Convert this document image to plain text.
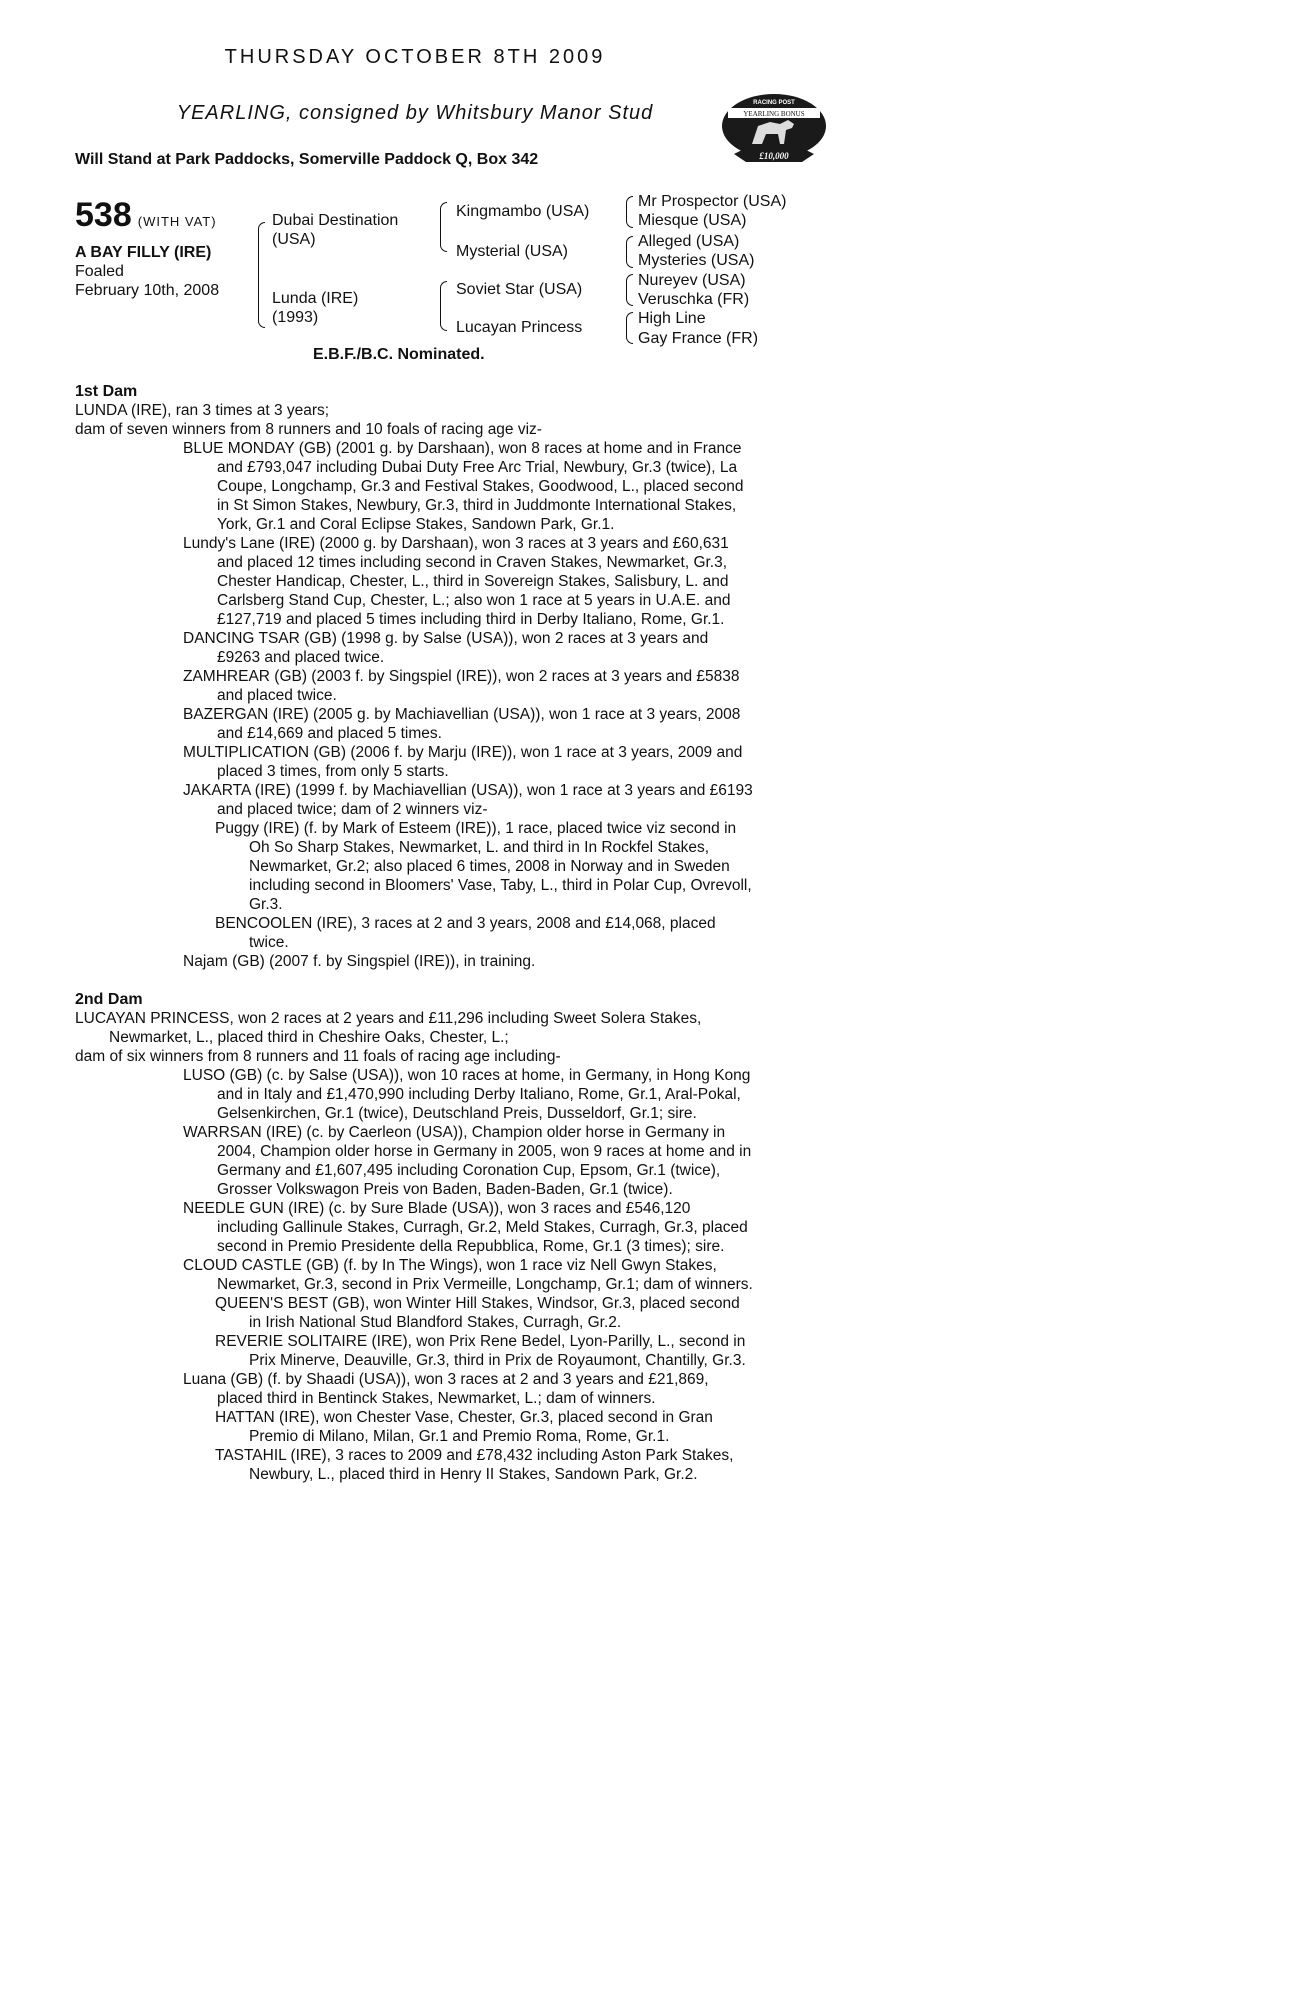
THURSDAY OCTOBER 8TH 2009
YEARLING, consigned by Whitsbury Manor Stud
Will Stand at Park Paddocks, Somerville Paddock Q, Box 342
RACING POST
YEARLING BONUS
£10,000
538 (WITH VAT)
A BAY FILLY (IRE)
Foaled
February 10th, 2008
Dubai Destination (USA)
Lunda (IRE) (1993)
Kingmambo (USA)
Mysterial (USA)
Soviet Star (USA)
Lucayan Princess
Mr Prospector (USA)
Miesque (USA)
Alleged (USA)
Mysteries (USA)
Nureyev (USA)
Veruschka (FR)
High Line
Gay France (FR)
E.B.F./B.C. Nominated.
1st Dam

LUNDA (IRE), ran 3 times at 3 years;

dam of seven winners from 8 runners and 10 foals of racing age viz-

BLUE MONDAY (GB) (2001 g. by Darshaan), won 8 races at home and in France and £793,047 including Dubai Duty Free Arc Trial, Newbury, Gr.3 (twice), La Coupe, Longchamp, Gr.3 and Festival Stakes, Goodwood, L., placed second in St Simon Stakes, Newbury, Gr.3, third in Juddmonte International Stakes, York, Gr.1 and Coral Eclipse Stakes, Sandown Park, Gr.1.

Lundy's Lane (IRE) (2000 g. by Darshaan), won 3 races at 3 years and £60,631 and placed 12 times including second in Craven Stakes, Newmarket, Gr.3, Chester Handicap, Chester, L., third in Sovereign Stakes, Salisbury, L. and Carlsberg Stand Cup, Chester, L.; also won 1 race at 5 years in U.A.E. and £127,719 and placed 5 times including third in Derby Italiano, Rome, Gr.1.

DANCING TSAR (GB) (1998 g. by Salse (USA)), won 2 races at 3 years and £9263 and placed twice.

ZAMHREAR (GB) (2003 f. by Singspiel (IRE)), won 2 races at 3 years and £5838 and placed twice.

BAZERGAN (IRE) (2005 g. by Machiavellian (USA)), won 1 race at 3 years, 2008 and £14,669 and placed 5 times.

MULTIPLICATION (GB) (2006 f. by Marju (IRE)), won 1 race at 3 years, 2009 and placed 3 times, from only 5 starts.

JAKARTA (IRE) (1999 f. by Machiavellian (USA)), won 1 race at 3 years and £6193 and placed twice; dam of 2 winners viz-

Puggy (IRE) (f. by Mark of Esteem (IRE)), 1 race, placed twice viz second in Oh So Sharp Stakes, Newmarket, L. and third in In Rockfel Stakes, Newmarket, Gr.2; also placed 6 times, 2008 in Norway and in Sweden including second in Bloomers' Vase, Taby, L., third in Polar Cup, Ovrevoll, Gr.3.

BENCOOLEN (IRE), 3 races at 2 and 3 years, 2008 and £14,068, placed twice.

Najam (GB) (2007 f. by Singspiel (IRE)), in training.

2nd Dam

LUCAYAN PRINCESS, won 2 races at 2 years and £11,296 including Sweet Solera Stakes, Newmarket, L., placed third in Cheshire Oaks, Chester, L.;

dam of six winners from 8 runners and 11 foals of racing age including-

LUSO (GB) (c. by Salse (USA)), won 10 races at home, in Germany, in Hong Kong and in Italy and £1,470,990 including Derby Italiano, Rome, Gr.1, Aral-Pokal, Gelsenkirchen, Gr.1 (twice), Deutschland Preis, Dusseldorf, Gr.1; sire.

WARRSAN (IRE) (c. by Caerleon (USA)), Champion older horse in Germany in 2004, Champion older horse in Germany in 2005, won 9 races at home and in Germany and £1,607,495 including Coronation Cup, Epsom, Gr.1 (twice), Grosser Volkswagon Preis von Baden, Baden-Baden, Gr.1 (twice).

NEEDLE GUN (IRE) (c. by Sure Blade (USA)), won 3 races and £546,120 including Gallinule Stakes, Curragh, Gr.2, Meld Stakes, Curragh, Gr.3, placed second in Premio Presidente della Repubblica, Rome, Gr.1 (3 times); sire.

CLOUD CASTLE (GB) (f. by In The Wings), won 1 race viz Nell Gwyn Stakes, Newmarket, Gr.3, second in Prix Vermeille, Longchamp, Gr.1; dam of winners.

QUEEN'S BEST (GB), won Winter Hill Stakes, Windsor, Gr.3, placed second in Irish National Stud Blandford Stakes, Curragh, Gr.2.

REVERIE SOLITAIRE (IRE), won Prix Rene Bedel, Lyon-Parilly, L., second in Prix Minerve, Deauville, Gr.3, third in Prix de Royaumont, Chantilly, Gr.3.

Luana (GB) (f. by Shaadi (USA)), won 3 races at 2 and 3 years and £21,869, placed third in Bentinck Stakes, Newmarket, L.; dam of winners.

HATTAN (IRE), won Chester Vase, Chester, Gr.3, placed second in Gran Premio di Milano, Milan, Gr.1 and Premio Roma, Rome, Gr.1.

TASTAHIL (IRE), 3 races to 2009 and £78,432 including Aston Park Stakes, Newbury, L., placed third in Henry II Stakes, Sandown Park, Gr.2.
